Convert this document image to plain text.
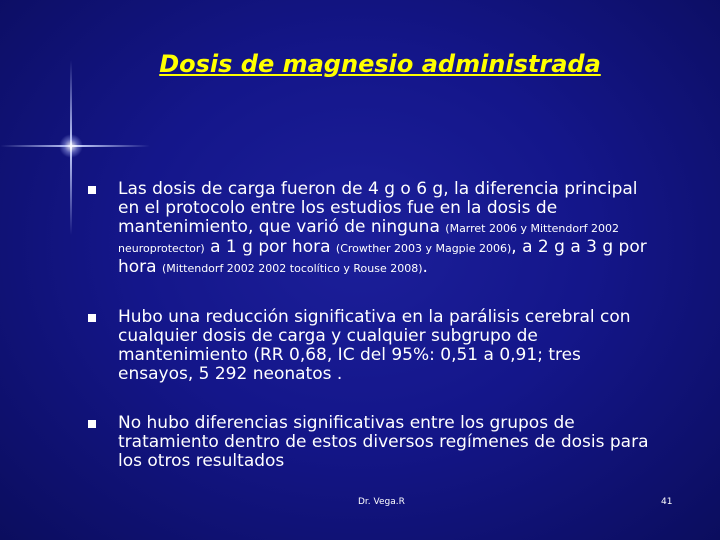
Dosis de magnesio administrada
Las dosis de carga fueron de 4 g o 6 g, la diferencia principal en el protocolo entre los estudios fue en la dosis de mantenimiento, que varió de ninguna (Marret 2006 y Mittendorf 2002 neuroprotector) a 1 g por hora (Crowther 2003 y Magpie 2006), a 2 g a 3 g por hora (Mittendorf 2002 2002 tocolítico y Rouse 2008).
Hubo una reducción significativa en la parálisis cerebral con cualquier dosis de carga y cualquier subgrupo de mantenimiento (RR 0,68, IC del 95%: 0,51 a 0,91; tres ensayos, 5 292 neonatos .
No hubo diferencias significativas entre los grupos de tratamiento dentro de estos diversos regímenes de dosis para los otros resultados
Dr. Vega.R	41
